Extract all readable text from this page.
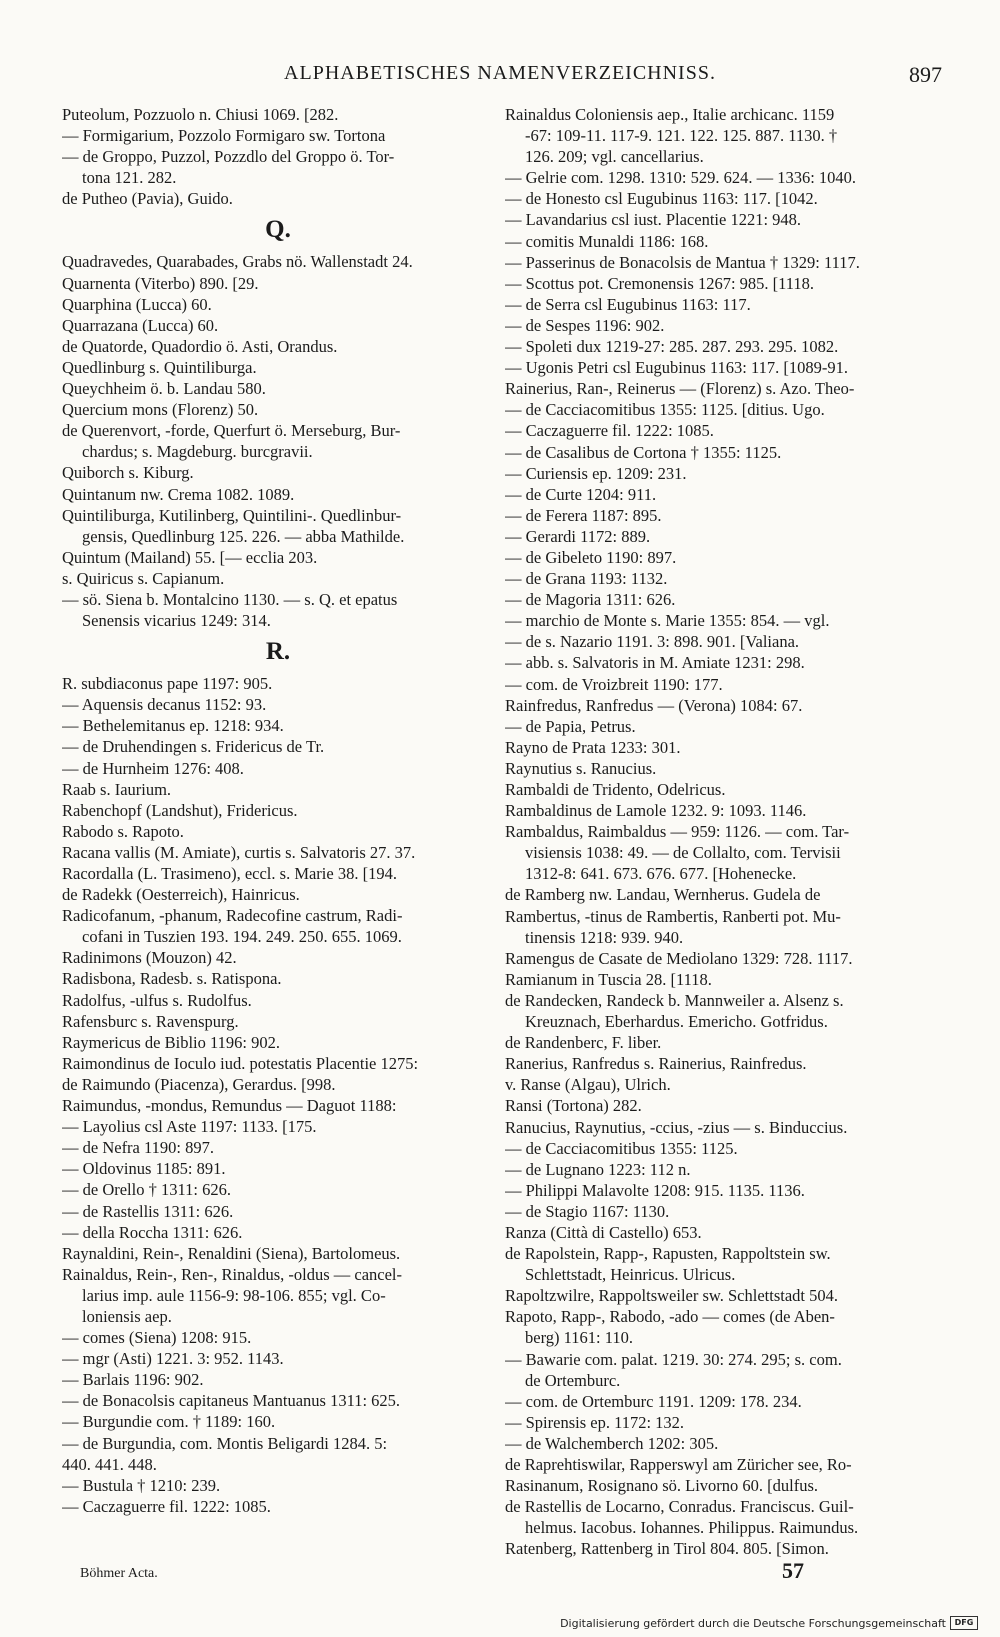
ALPHABETISCHES NAMENVERZEICHNISS.	897
Puteolum, Pozzuolo n. Chiusi 1069. [282.
— Formigarium, Pozzolo Formigaro sw. Tortona
— de Groppo, Puzzol, Pozzdlo del Groppo ö. Tor-
tona 121. 282.
de Putheo (Pavia), Guido.
Q.
Quadravedes, Quarabades, Grabs nö. Wallenstadt 24.
Quarnenta (Viterbo) 890. [29.
Quarphina (Lucca) 60.
Quarrazana (Lucca) 60.
de Quatorde, Quadordio ö. Asti, Orandus.
Quedlinburg s. Quintiliburga.
Queychheim ö. b. Landau 580.
Quercium mons (Florenz) 50.
de Querenvort, -forde, Querfurt ö. Merseburg, Bur-
chardus; s. Magdeburg. burcgravii.
Quiborch s. Kiburg.
Quintanum nw. Crema 1082. 1089.
Quintiliburga, Kutilinberg, Quintilini-. Quedlinbur-
gensis, Quedlinburg 125. 226. — abba Mathilde.
Quintum (Mailand) 55. [— ecclia 203.
s. Quiricus s. Capianum.
— sö. Siena b. Montalcino 1130. — s. Q. et epatus
Senensis vicarius 1249: 314.
R.
R. subdiaconus pape 1197: 905.
— Aquensis decanus 1152: 93.
— Bethelemitanus ep. 1218: 934.
— de Druhendingen s. Fridericus de Tr.
— de Hurnheim 1276: 408.
Raab s. Iaurium.
Rabenchopf (Landshut), Fridericus.
Rabodo s. Rapoto.
Racana vallis (M. Amiate), curtis s. Salvatoris 27. 37.
Racordalla (L. Trasimeno), eccl. s. Marie 38. [194.
de Radekk (Oesterreich), Hainricus.
Radicofanum, -phanum, Radecofine castrum, Radi-
cofani in Tuszien 193. 194. 249. 250. 655. 1069.
Radinimons (Mouzon) 42.
Radisbona, Radesb. s. Ratispona.
Radolfus, -ulfus s. Rudolfus.
Rafensburc s. Ravenspurg.
Raymericus de Biblio 1196: 902.
Raimondinus de Ioculo iud. potestatis Placentie 1275:
de Raimundo (Piacenza), Gerardus. [998.
Raimundus, -mondus, Remundus — Daguot 1188:
— Layolius csl Aste 1197: 1133. [175.
— de Nefra 1190: 897.
— Oldovinus 1185: 891.
— de Orello † 1311: 626.
— de Rastellis 1311: 626.
— della Roccha 1311: 626.
Raynaldini, Rein-, Renaldini (Siena), Bartolomeus.
Rainaldus, Rein-, Ren-, Rinaldus, -oldus — cancel-
larius imp. aule 1156-9: 98-106. 855; vgl. Co-
loniensis aep.
— comes (Siena) 1208: 915.
— mgr (Asti) 1221. 3: 952. 1143.
— Barlais 1196: 902.
— de Bonacolsis capitaneus Mantuanus 1311: 625.
— Burgundie com. † 1189: 160.
— de Burgundia, com. Montis Beligardi 1284. 5:
440. 441. 448.
— Bustula † 1210: 239.
— Caczaguerre fil. 1222: 1085.
Rainaldus Coloniensis aep., Italie archicanc. 1159
-67: 109-11. 117-9. 121. 122. 125. 887. 1130. †
126. 209; vgl. cancellarius.
— Gelrie com. 1298. 1310: 529. 624. — 1336: 1040.
— de Honesto csl Eugubinus 1163: 117. [1042.
— Lavandarius csl iust. Placentie 1221: 948.
— comitis Munaldi 1186: 168.
— Passerinus de Bonacolsis de Mantua † 1329: 1117.
— Scottus pot. Cremonensis 1267: 985. [1118.
— de Serra csl Eugubinus 1163: 117.
— de Sespes 1196: 902.
— Spoleti dux 1219-27: 285. 287. 293. 295. 1082.
— Ugonis Petri csl Eugubinus 1163: 117. [1089-91.
Rainerius, Ran-, Reinerus — (Florenz) s. Azo. Theo-
— de Cacciacomitibus 1355: 1125. [ditius. Ugo.
— Caczaguerre fil. 1222: 1085.
— de Casalibus de Cortona † 1355: 1125.
— Curiensis ep. 1209: 231.
— de Curte 1204: 911.
— de Ferera 1187: 895.
— Gerardi 1172: 889.
— de Gibeleto 1190: 897.
— de Grana 1193: 1132.
— de Magoria 1311: 626.
— marchio de Monte s. Marie 1355: 854. — vgl.
— de s. Nazario 1191. 3: 898. 901. [Valiana.
— abb. s. Salvatoris in M. Amiate 1231: 298.
— com. de Vroizbreit 1190: 177.
Rainfredus, Ranfredus — (Verona) 1084: 67.
— de Papia, Petrus.
Rayno de Prata 1233: 301.
Raynutius s. Ranucius.
Rambaldi de Tridento, Odelricus.
Rambaldinus de Lamole 1232. 9: 1093. 1146.
Rambaldus, Raimbaldus — 959: 1126. — com. Tar-
visiensis 1038: 49. — de Collalto, com. Tervisii
1312-8: 641. 673. 676. 677. [Hohenecke.
de Ramberg nw. Landau, Wernherus. Gudela de
Rambertus, -tinus de Rambertis, Ranberti pot. Mu-
tinensis 1218: 939. 940.
Ramengus de Casate de Mediolano 1329: 728. 1117.
Ramianum in Tuscia 28. [1118.
de Randecken, Randeck b. Mannweiler a. Alsenz s.
Kreuznach, Eberhardus. Emericho. Gotfridus.
de Randenberc, F. liber.
Ranerius, Ranfredus s. Rainerius, Rainfredus.
v. Ranse (Algau), Ulrich.
Ransi (Tortona) 282.
Ranucius, Raynutius, -ccius, -zius — s. Binduccius.
— de Cacciacomitibus 1355: 1125.
— de Lugnano 1223: 112 n.
— Philippi Malavolte 1208: 915. 1135. 1136.
— de Stagio 1167: 1130.
Ranza (Città di Castello) 653.
de Rapolstein, Rapp-, Rapusten, Rappoltstein sw.
Schlettstadt, Heinricus. Ulricus.
Rapoltzwilre, Rappoltsweiler sw. Schlettstadt 504.
Rapoto, Rapp-, Rabodo, -ado — comes (de Aben-
berg) 1161: 110.
— Bawarie com. palat. 1219. 30: 274. 295; s. com.
de Ortemburc.
— com. de Ortemburc 1191. 1209: 178. 234.
— Spirensis ep. 1172: 132.
— de Walchemberch 1202: 305.
de Raprehtiswilar, Rapperswyl am Züricher see, Ro-
Rasinanum, Rosignano sö. Livorno 60. [dulfus.
de Rastellis de Locarno, Conradus. Franciscus. Guil-
helmus. Iacobus. Iohannes. Philippus. Raimundus.
Ratenberg, Rattenberg in Tirol 804. 805. [Simon.
Böhmer Acta.	57
Digitalisierung gefördert durch die Deutsche Forschungsgemeinschaft	DFG
